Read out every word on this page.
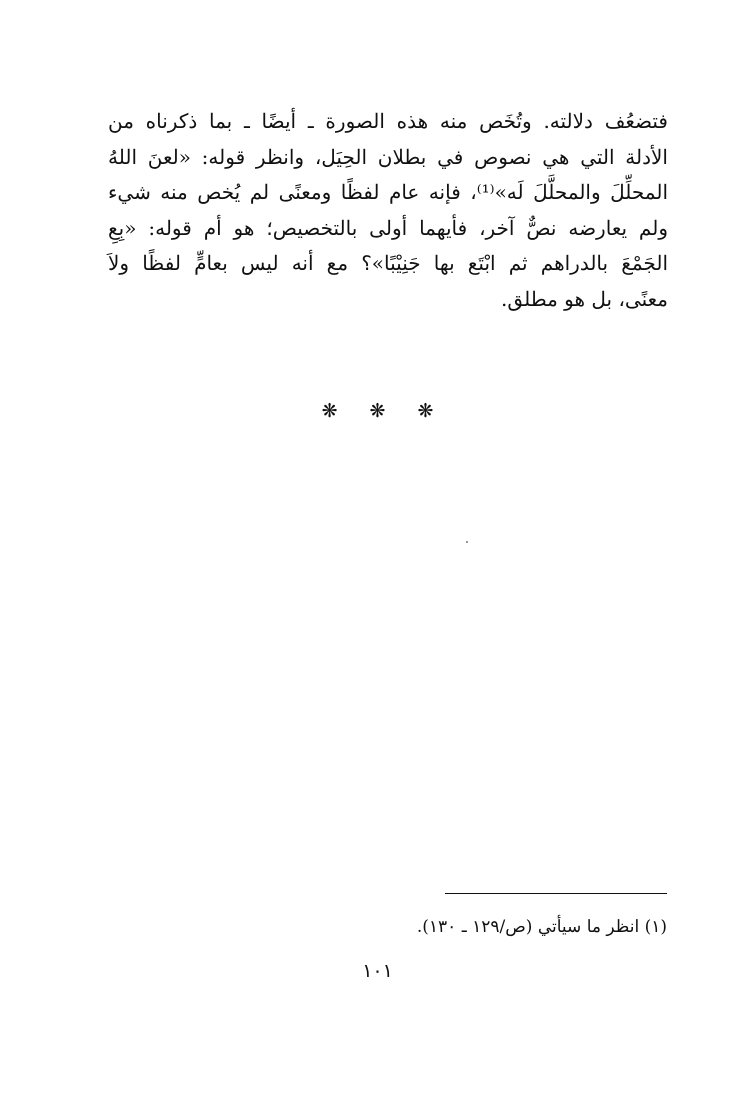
فتضعُف دلالته. وتُخَص منه هذه الصورة ـ أيضًا ـ بما ذكرناه من
الأدلة التي هي نصوص في بطلان الحِيَل، وانظر قوله: «لعنَ اللهُ
المحلِّلَ والمحلَّلَ لَه»⁽¹⁾، فإنه عام لفظًا ومعنًى لم يُخص منه شيء
ولم يعارضه نصٌّ آخر، فأيهما أولى بالتخصيص؛ هو أم قوله: «بِعِ
الجَمْعَ بالدراهم ثم ابْتَع بها جَنِيْبًا»؟ مع أنه ليس بعامٍّ لفظًا ولاَ
معنًى، بل هو مطلق.
❋ ❋ ❋
(١) انظر ما سيأتي (ص/١٢٩ ـ ١٣٠).
١٠١
